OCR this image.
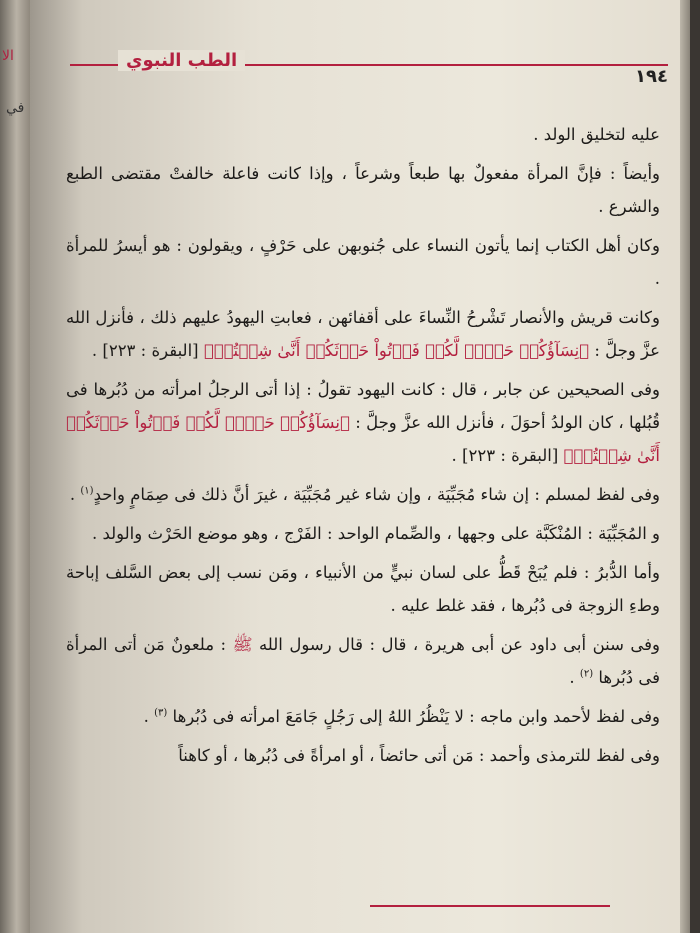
الا
في
الطب النبوي
١٩٤

عليه لتخليق الولد .

وأيضاً : فإنَّ المرأة مفعولٌ بها طبعاً وشرعاً ، وإذا كانت فاعلة خالفتْ مقتضى الطبع والشرع .

وكان أهل الكتاب إنما يأتون النساء على جُنوبهن على حَرْفٍ ، ويقولون : هو أيسرُ للمرأة .

وكانت قريش والأنصار تَشْرحُ النِّساءَ على أقفائهن ، فعابتِ اليهودُ عليهم ذلك ، فأنزل الله عزَّ وجلَّ : ﴿نِسَآؤُكُمۡ حَرۡثٞ لَّكُمۡ فَأۡتُواْ حَرۡثَكُمۡ أَنَّىٰ شِئۡتُمۡ﴾ [البقرة : ٢٢٣] .

وفى الصحيحين عن جابر ، قال : كانت اليهود تقولُ : إذا أتى الرجلُ امرأته من دُبُرها فى قُبُلها ، كان الولدُ أحوَلَ ، فأنزل الله عزَّ وجلَّ : ﴿نِسَآؤُكُمۡ حَرۡثٞ لَّكُمۡ فَأۡتُواْ حَرۡثَكُمۡ أَنَّىٰ شِئۡتُمۡ﴾ [البقرة : ٢٢٣] .

وفى لفظ لمسلم : إن شاء مُجَبِّيَة ، وإن شاء غير مُجَبِّيَة ، غيرَ أنَّ ذلك فى صِمَامٍ واحدٍ$^{(١)}$ .

و المُجَبِّيَة : المُنْكَبَّة على وجهها ، والصِّمام الواحد : الفَرْج ، وهو موضع الحَرْث والولد .

وأما الدُّبرُ : فلم يُبَحْ قَطُّ على لسان نبيٍّ من الأنبياء ، ومَن نسب إلى بعض السَّلف إباحة وطءِ الزوجة فى دُبُرها ، فقد غلط عليه .

وفى سنن أبى داود عن أبى هريرة ، قال : قال رسول الله ﷺ : ملعونٌ مَن أتى المرأة فى دُبُرها $^{(٢)}$ .

وفى لفظ لأحمد وابن ماجه : لا يَنْظُرُ اللهُ إلى رَجُلٍ جَامَعَ امرأته فى دُبُرها $^{(٣)}$ .

وفى لفظ للترمذى وأحمد : مَن أتى حائضاً ، أو امرأةً فى دُبُرها ، أو كاهناً
